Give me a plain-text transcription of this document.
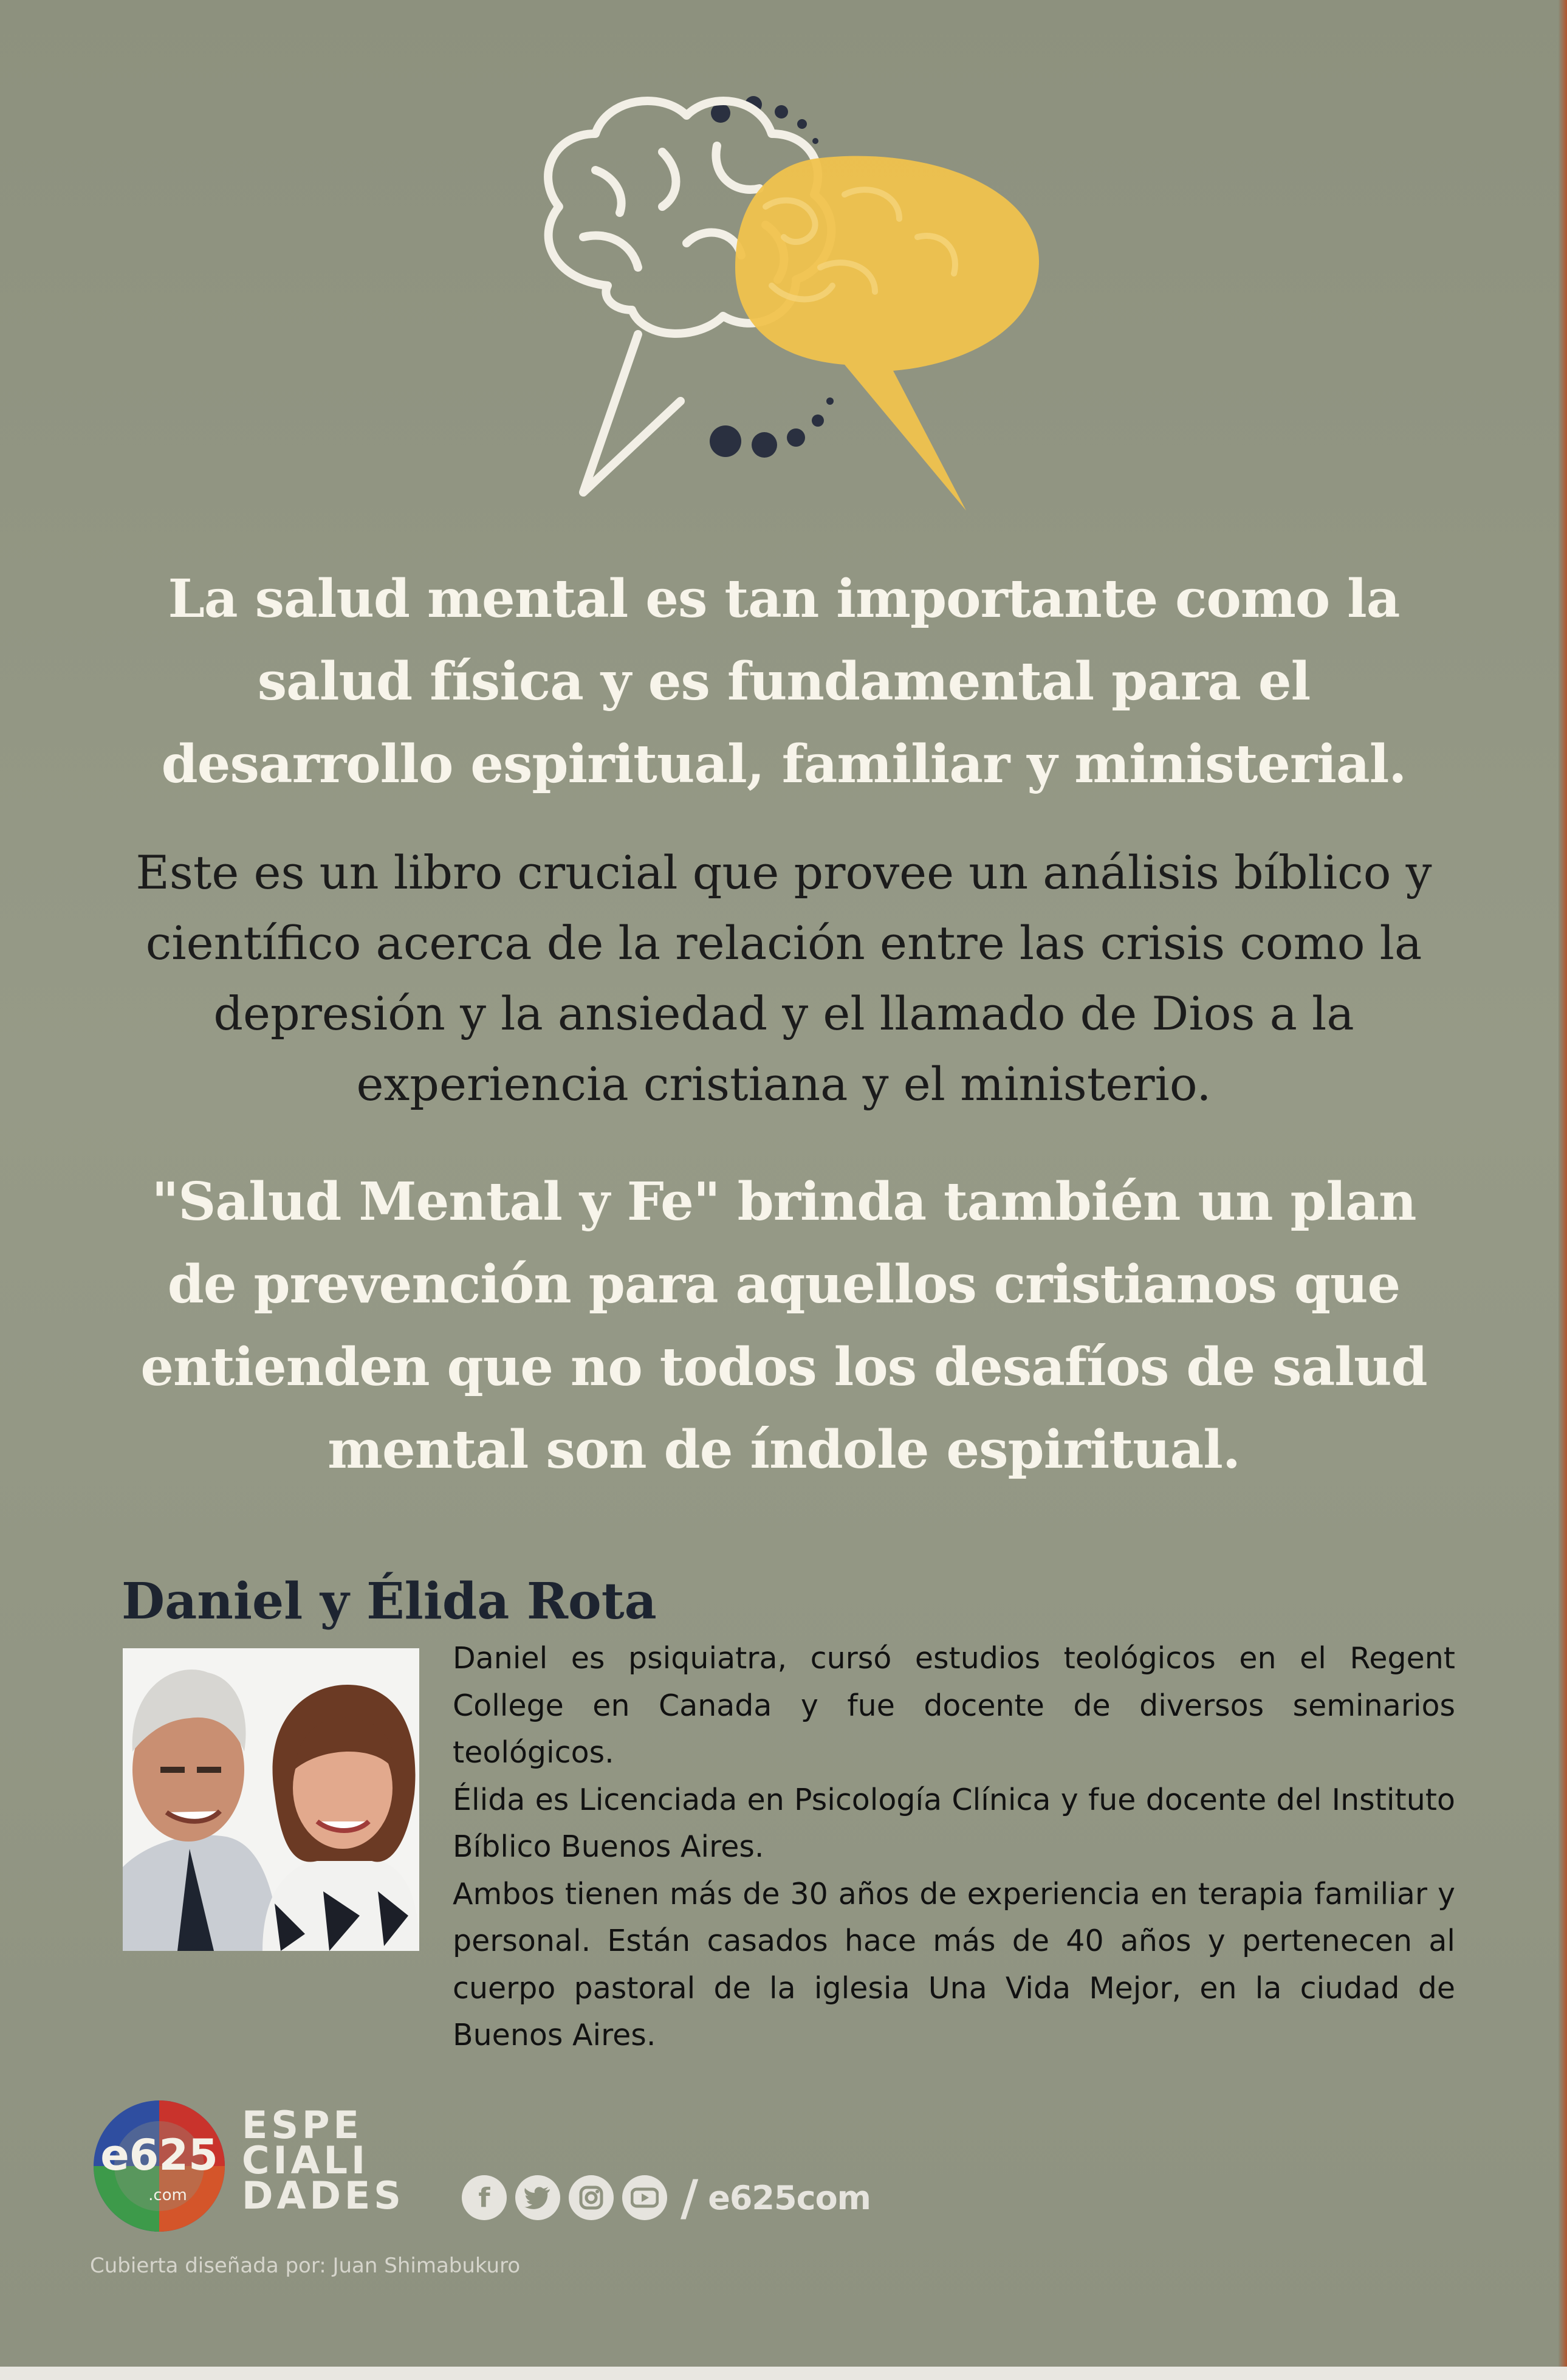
La salud mental es tan importante como la salud física y es fundamental para el desarrollo espiritual, familiar y ministerial.

Este es un libro crucial que provee un análisis bíblico y científico acerca de la relación entre las crisis como la depresión y la ansiedad y el llamado de Dios a la experiencia cristiana y el ministerio.

"Salud Mental y Fe" brinda también un plan de prevención para aquellos cristianos que entienden que no todos los desafíos de salud mental son de índole espiritual.

Daniel y Élida Rota

Daniel es psiquiatra, cursó estudios teológicos en el Regent College en Canada y fue docente de diversos seminarios teológicos.

Élida es Licenciada en Psicología Clínica y fue docente del Instituto Bíblico Buenos Aires.

Ambos tienen más de 30 años de experiencia en terapia familiar y personal. Están casados hace más de 40 años y pertenecen al cuerpo pastoral de la iglesia Una Vida Mejor, en la ciudad de Buenos Aires.

e625
.com
ESPE
CIALI
DADES	f	/ e625com

Cubierta diseñada por: Juan Shimabukuro
